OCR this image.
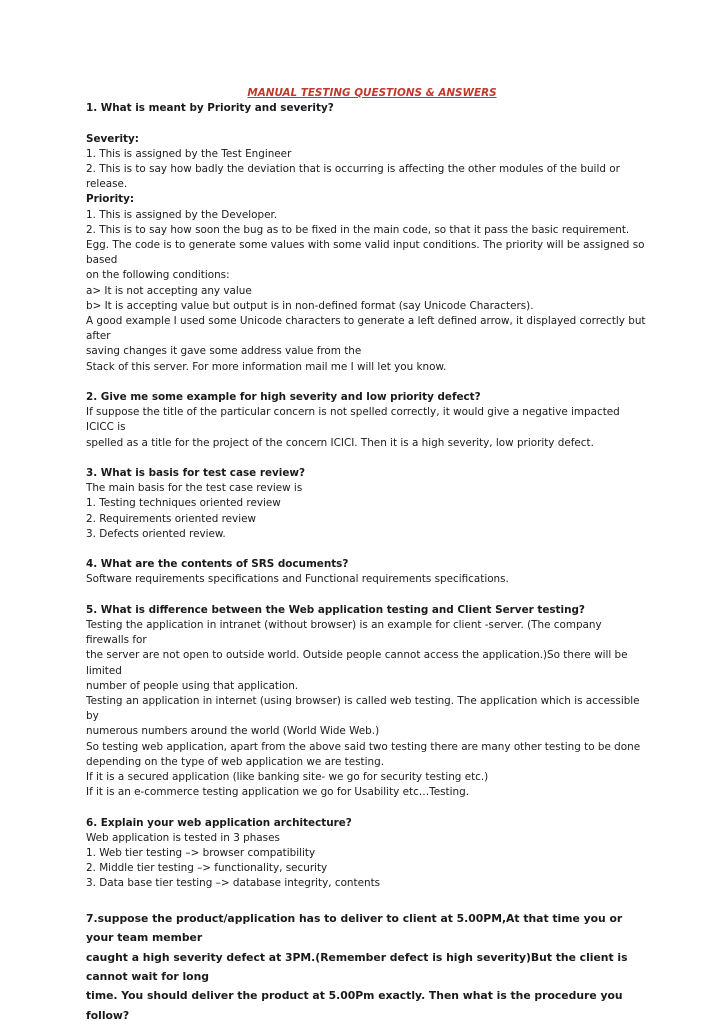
MANUAL TESTING QUESTIONS & ANSWERS

1. What is meant by Priority and severity?

Severity:

1. This is assigned by the Test Engineer

2. This is to say how badly the deviation that is occurring is affecting the other modules of the build or release.

Priority:

1. This is assigned by the Developer.

2. This is to say how soon the bug as to be fixed in the main code, so that it pass the basic requirement.

Egg. The code is to generate some values with some valid input conditions. The priority will be assigned so based

on the following conditions:

a> It is not accepting any value

b> It is accepting value but output is in non-defined format (say Unicode Characters).

A good example I used some Unicode characters to generate a left defined arrow, it displayed correctly but after

saving changes it gave some address value from the

Stack of this server. For more information mail me I will let you know.

2. Give me some example for high severity and low priority defect?

If suppose the title of the particular concern is not spelled correctly, it would give a negative impacted ICICC is

spelled as a title for the project of the concern ICICI. Then it is a high severity, low priority defect.

3. What is basis for test case review?

The main basis for the test case review is

1. Testing techniques oriented review

2. Requirements oriented review

3. Defects oriented review.

4. What are the contents of SRS documents?

Software requirements specifications and Functional requirements specifications.

5. What is difference between the Web application testing and Client Server testing?

Testing the application in intranet (without browser) is an example for client -server. (The company firewalls for

the server are not open to outside world. Outside people cannot access the application.)So there will be limited

number of people using that application.

Testing an application in internet (using browser) is called web testing. The application which is accessible by

numerous numbers around the world (World Wide Web.)

So testing web application, apart from the above said two testing there are many other testing to be done

depending on the type of web application we are testing.

If it is a secured application (like banking site- we go for security testing etc.)

If it is an e-commerce testing application we go for Usability etc…Testing.

6. Explain your web application architecture?

Web application is tested in 3 phases

1. Web tier testing –> browser compatibility

2. Middle tier testing –> functionality, security

3. Data base tier testing –> database integrity, contents

7.suppose the product/application has to deliver to client at 5.00PM,At that time you or your team member

caught a high severity defect at 3PM.(Remember defect is high severity)But the client is cannot wait for long

time. You should deliver the product at 5.00Pm exactly. Then what is the procedure you follow?
